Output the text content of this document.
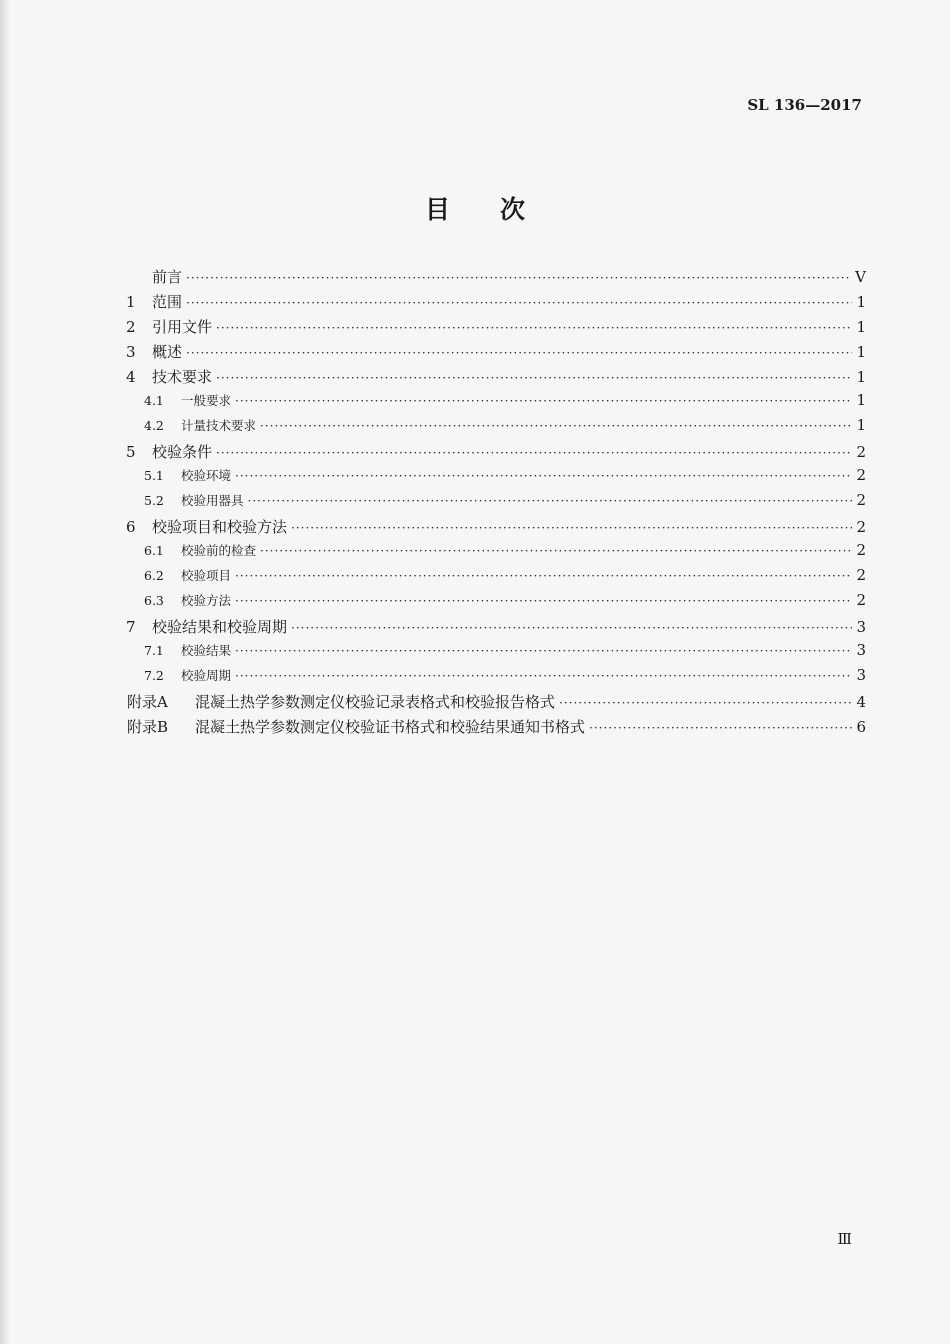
SL 136—2017
目次
前言 ·····	V
1	范围 ·····	1
2	引用文件 ·····	1
3	概述 ·····	1
4	技术要求 ·····	1
4.1	一般要求 ·····	1
4.2	计量技术要求 ·····	1
5	校验条件 ·····	2
5.1	校验环境 ·····	2
5.2	校验用器具 ·····	2
6	校验项目和校验方法 ·····	2
6.1	校验前的检查 ·····	2
6.2	校验项目 ·····	2
6.3	校验方法 ·····	2
7	校验结果和校验周期 ·····	3
7.1	校验结果 ·····	3
7.2	校验周期 ·····	3
附录A	混凝土热学参数测定仪校验记录表格式和校验报告格式 ·····	4
附录B	混凝土热学参数测定仪校验证书格式和校验结果通知书格式 ·····	6
Ⅲ
